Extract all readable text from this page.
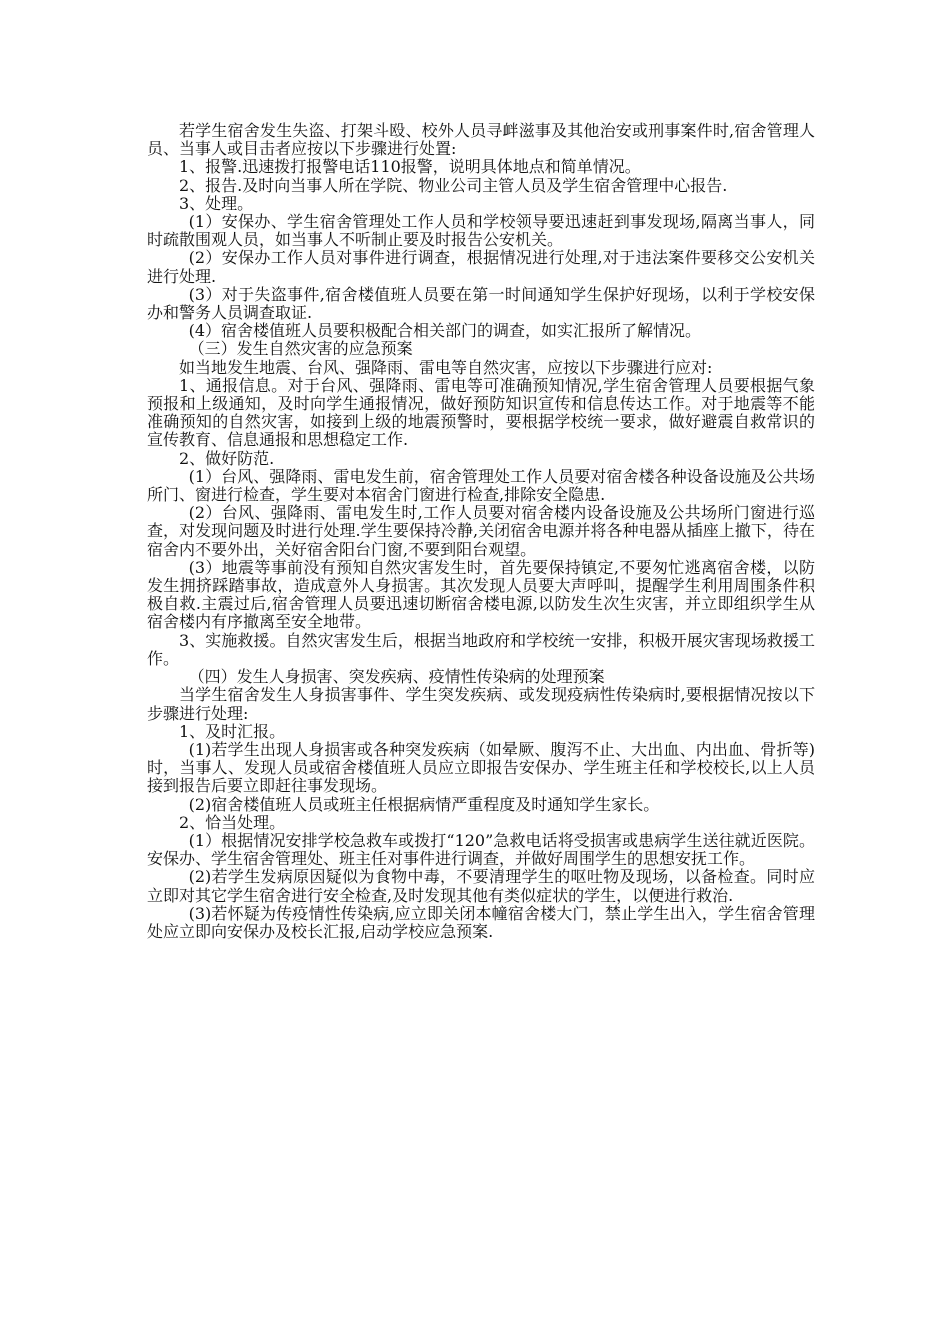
若学生宿舍发生失盗、打架斗殴、校外人员寻衅滋事及其他治安或刑事案件时,宿舍管理人员、当事人或目击者应按以下步骤进行处置:

1、报警.迅速拨打报警电话110报警，说明具体地点和简单情况。

2、报告.及时向当事人所在学院、物业公司主管人员及学生宿舍管理中心报告.

3、处理。

(1）安保办、学生宿舍管理处工作人员和学校领导要迅速赶到事发现场,隔离当事人，同时疏散围观人员，如当事人不听制止要及时报告公安机关。

(2）安保办工作人员对事件进行调查，根据情况进行处理,对于违法案件要移交公安机关进行处理.

(3）对于失盗事件,宿舍楼值班人员要在第一时间通知学生保护好现场，以利于学校安保办和警务人员调查取证.

(4）宿舍楼值班人员要积极配合相关部门的调查，如实汇报所了解情况。

（三）发生自然灾害的应急预案

如当地发生地震、台风、强降雨、雷电等自然灾害，应按以下步骤进行应对:

1、通报信息。对于台风、强降雨、雷电等可准确预知情况,学生宿舍管理人员要根据气象预报和上级通知，及时向学生通报情况，做好预防知识宣传和信息传达工作。对于地震等不能准确预知的自然灾害，如接到上级的地震预警时，要根据学校统一要求，做好避震自救常识的宣传教育、信息通报和思想稳定工作.

2、做好防范.

(1）台风、强降雨、雷电发生前，宿舍管理处工作人员要对宿舍楼各种设备设施及公共场所门、窗进行检查，学生要对本宿舍门窗进行检查,排除安全隐患.

(2）台风、强降雨、雷电发生时,工作人员要对宿舍楼内设备设施及公共场所门窗进行巡查，对发现问题及时进行处理.学生要保持冷静,关闭宿舍电源并将各种电器从插座上撤下，待在宿舍内不要外出，关好宿舍阳台门窗,不要到阳台观望。

(3）地震等事前没有预知自然灾害发生时，首先要保持镇定,不要匆忙逃离宿舍楼，以防发生拥挤踩踏事故，造成意外人身损害。其次发现人员要大声呼叫，提醒学生利用周围条件积极自救.主震过后,宿舍管理人员要迅速切断宿舍楼电源,以防发生次生灾害，并立即组织学生从宿舍楼内有序撤离至安全地带。

3、实施救援。自然灾害发生后，根据当地政府和学校统一安排，积极开展灾害现场救援工作。

（四）发生人身损害、突发疾病、疫情性传染病的处理预案

当学生宿舍发生人身损害事件、学生突发疾病、或发现疫病性传染病时,要根据情况按以下步骤进行处理:

1、及时汇报。

(1)若学生出现人身损害或各种突发疾病（如晕厥、腹泻不止、大出血、内出血、骨折等)时，当事人、发现人员或宿舍楼值班人员应立即报告安保办、学生班主任和学校校长,以上人员接到报告后要立即赶往事发现场。

(2)宿舍楼值班人员或班主任根据病情严重程度及时通知学生家长。

2、恰当处理。

(1）根据情况安排学校急救车或拨打“120”急救电话将受损害或患病学生送往就近医院。安保办、学生宿舍管理处、班主任对事件进行调查，并做好周围学生的思想安抚工作。

(2)若学生发病原因疑似为食物中毒，不要清理学生的呕吐物及现场，以备检查。同时应立即对其它学生宿舍进行安全检查,及时发现其他有类似症状的学生，以便进行救治.

(3)若怀疑为传疫情性传染病,应立即关闭本幢宿舍楼大门，禁止学生出入，学生宿舍管理处应立即向安保办及校长汇报,启动学校应急预案.
